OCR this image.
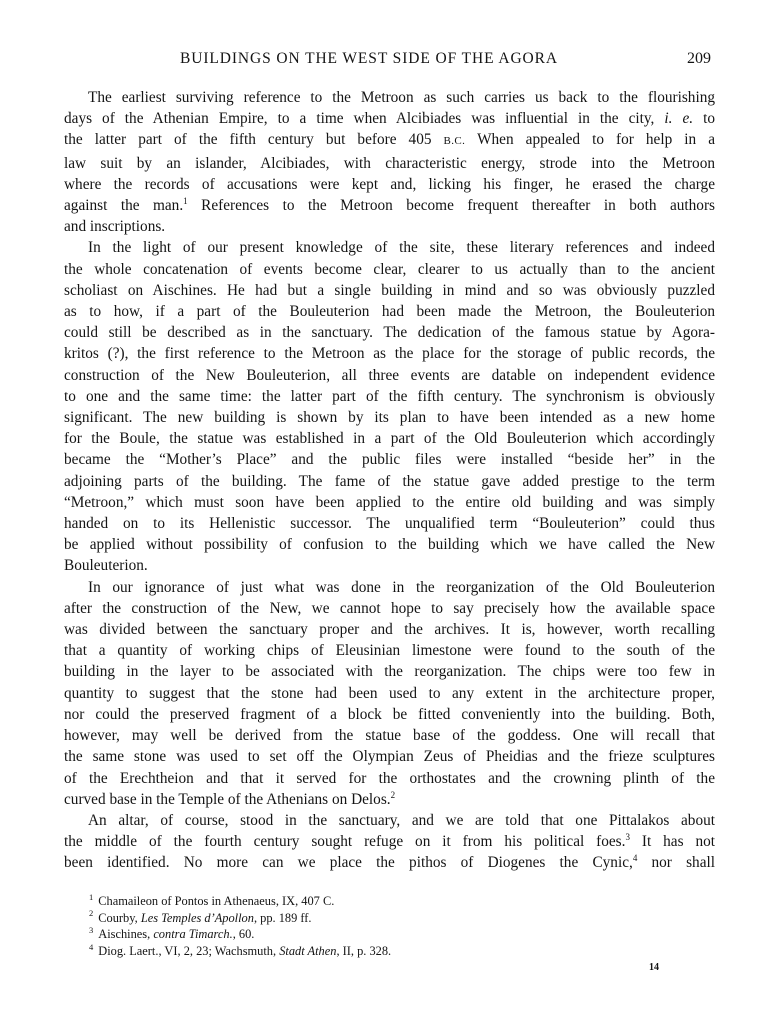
BUILDINGS ON THE WEST SIDE OF THE AGORA	209
The earliest surviving reference to the Metroon as such carries us back to the flourishing
days of the Athenian Empire, to a time when Alcibiades was influential in the city, i. e. to
the latter part of the fifth century but before 405 B.C. When appealed to for help in a
law suit by an islander, Alcibiades, with characteristic energy, strode into the Metroon
where the records of accusations were kept and, licking his finger, he erased the charge
against the man.$^1$ References to the Metroon become frequent thereafter in both authors
and inscriptions.
In the light of our present knowledge of the site, these literary references and indeed
the whole concatenation of events become clear, clearer to us actually than to the ancient
scholiast on Aischines. He had but a single building in mind and so was obviously puzzled
as to how, if a part of the Bouleuterion had been made the Metroon, the Bouleuterion
could still be described as in the sanctuary. The dedication of the famous statue by Agora-
kritos (?), the first reference to the Metroon as the place for the storage of public records, the
construction of the New Bouleuterion, all three events are datable on independent evidence
to one and the same time: the latter part of the fifth century. The synchronism is obviously
significant. The new building is shown by its plan to have been intended as a new home
for the Boule, the statue was established in a part of the Old Bouleuterion which accordingly
became the “Mother’s Place” and the public files were installed “beside her” in the
adjoining parts of the building. The fame of the statue gave added prestige to the term
“Metroon,” which must soon have been applied to the entire old building and was simply
handed on to its Hellenistic successor. The unqualified term “Bouleuterion” could thus
be applied without possibility of confusion to the building which we have called the New
Bouleuterion.
In our ignorance of just what was done in the reorganization of the Old Bouleuterion
after the construction of the New, we cannot hope to say precisely how the available space
was divided between the sanctuary proper and the archives. It is, however, worth recalling
that a quantity of working chips of Eleusinian limestone were found to the south of the
building in the layer to be associated with the reorganization. The chips were too few in
quantity to suggest that the stone had been used to any extent in the architecture proper,
nor could the preserved fragment of a block be fitted conveniently into the building. Both,
however, may well be derived from the statue base of the goddess. One will recall that
the same stone was used to set off the Olympian Zeus of Pheidias and the frieze sculptures
of the Erechtheion and that it served for the orthostates and the crowning plinth of the
curved base in the Temple of the Athenians on Delos.$^2$
An altar, of course, stood in the sanctuary, and we are told that one Pittalakos about
the middle of the fourth century sought refuge on it from his political foes.$^3$ It has not
been identified. No more can we place the pithos of Diogenes the Cynic,$^4$ nor shall
$^1$ Chamaileon of Pontos in Athenaeus, IX, 407 C.
$^2$ Courby, Les Temples d’Apollon, pp. 189 ff.
$^3$ Aischines, contra Timarch., 60.
$^4$ Diog. Laert., VI, 2, 23; Wachsmuth, Stadt Athen, II, p. 328.
14
